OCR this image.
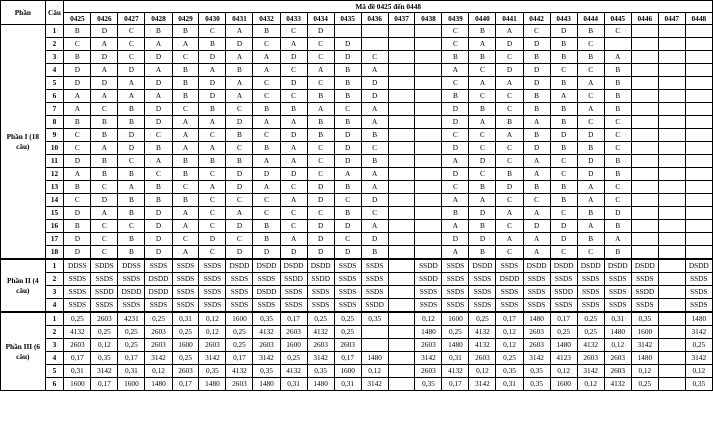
Phần	Câu	Mã đề 0425 đến 0448																							
		0425	0426	0427	0428	0429	0430	0431	0432	0433	0434	0435	0436	0437	0438	0439	0440	0441	0442	0443	0444	0445	0446	0447	0448
Phần I (18 câu)	1	B	D	C	B	B	C	A	B	C	D					C	B	A	C	D	B	C			
	2	C	A	C	A	A	B	D	C	A	C	D				C	A	D	D	B	C				
	3	B	D	C	D	C	D	A	A	D	C	D	C			B	B	C	B	B	B	A			
	4	D	A	D	A	B	A	B	A	C	A	B	A			A	C	D	D	C	C	B			
	5	D	D	A	D	B	D	A	C	D	C	B	D			C	A	A	D	B	A	B			
	6	A	A	A	A	B	D	A	C	C	B	B	D			B	C	C	B	A	C	B			
	7	A	C	B	D	C	B	C	B	B	A	C	A			D	B	C	B	B	A	B			
	8	B	B	B	D	A	A	D	A	A	B	B	A			D	A	B	A	B	C	C			
	9	C	B	D	C	A	C	B	C	D	B	D	B			C	C	A	B	D	D	C			
	10	C	A	D	B	A	A	C	B	A	C	D	C			D	C	C	D	B	B	C			
	11	D	B	C	A	B	B	B	A	A	C	D	B			A	D	C	A	C	D	B			
	12	A	B	B	C	B	C	D	D	D	C	A	A			D	C	B	A	C	D	B			
	13	B	C	A	B	C	A	D	A	C	D	B	A			C	B	D	B	B	A	C			
	14	C	D	B	B	B	C	C	C	A	D	C	D			A	A	C	C	B	A	C			
	15	D	A	B	D	A	C	A	C	C	C	B	C			B	D	A	A	C	B	D			
	16	B	C	C	D	A	C	D	B	C	D	D	A			A	B	C	D	D	A	B			
	17	D	C	B	D	C	D	C	B	A	D	C	D			D	D	A	A	D	B	A			
	18	D	C	B	D	A	C	D	D	D	D	D	B			A	B	C	A	C	C	B			
Phần II (4 câu)	1	DDSS	SDDS	DDSS	SSDS	SSDS	SSDS	DSDD	DSDD	DSDD	DSDD	SSDS	SSDS		SSDD	SSDS	DSDD	SSDS	DSDD	DSDD	DSDD	DSDD	DSDD		DSDD
	2	SSDS	SSDS	SSDS	DSDD	SSDS	SSDS	SSDS	SSDS	SSDD	SSDD	SSDS	SSDS		SSDD	SSDS	SSDS	DSDD	SSDS	SSDS	SSDS	SSDS	SSDS		SSDS
	3	SSDS	SSDD	DSDD	DSDD	SSDS	SSDS	SSDS	DSDD	SSDS	SSDS	SSDS	SSDS		SSDS	SSDS	SSDS	SSDS	SSDS	SSDD	SSDS	SSDS	SSDD		SSDS
	4	SSDS	SSDS	SSDS	SSDS	SSDS	SSDS	SSDS	SSDS	SSDS	SSDS	SSDS	SSDD		SSDS	SSDS	SSDS	SSDS	SSDS	SSDS	SSDS	SSDS	SSDS		SSDS
Phần III (6 câu)	1	0,25	2603	4231	0,25	0,31	0,12	1600	0,35	0,17	0,25	0,25	0,35		0,12	1600	0,25	0,17	1480	0,17	0,25	0,31	0,35		1480
	2	4132	0,25	0,25	2603	0,25	0,12	0,25	4132	2603	4132	0,25			1480	0,25	4132	0,12	2603	0,25	0,25	1480	1600		3142
	3	2603	0,12	0,25	2603	1600	2603	0,25	2603	1600	2603	2603			2603	1480	4132	0,12	2603	1480	4132	0,12	3142		0,25
	4	0,17	0,35	0,17	3142	0,25	3142	0,17	3142	0,25	3142	0,17	1480		3142	0,31	2603	0,25	3142	4123	2603	2603	1480		3142
	5	0,31	3142	0,31	0,12	2603	0,35	4132	0,35	4132	0,35	1600	0,12		2603	4132	0,12	0,35	0,35	0,12	3142	2603	0,12		0,12
	6	1600	0,17	1600	1480	0,17	1480	2603	1480	0,31	1480	0,31	3142		0,35	0,17	3142	0,31	0,35	1600	0,12	4132	0,25		0,35
